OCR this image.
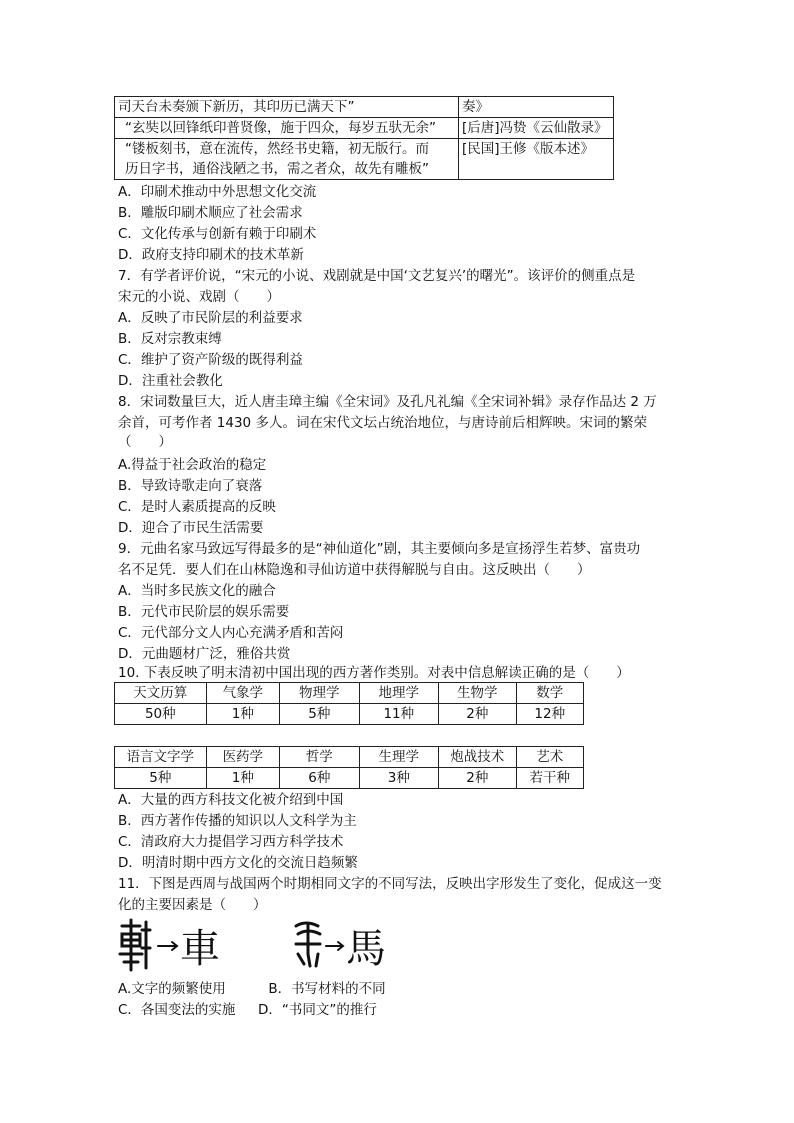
司天台未奏颁下新历，其印历已满天下”	奏》
“玄奘以回锋纸印普贤像，施于四众，每岁五驮无余”	[后唐]冯贽《云仙散录》

“镂板刻书，意在流传，然经书史籍，初无版行。而
历日字书，通俗浅陋之书，需之者众，故先有雕板”	[民国]王修《版本述》
A．印刷术推动中外思想文化交流
B．雕版印刷术顺应了社会需求
C．文化传承与创新有赖于印刷术
D．政府支持印刷术的技术革新
7．有学者评价说，“宋元的小说、戏剧就是中国‘文艺复兴’的曙光”。该评价的侧重点是
宋元的小说、戏剧（　　）
A．反映了市民阶层的利益要求
B．反对宗教束缚
C．维护了资产阶级的既得利益
D．注重社会教化
8．宋词数量巨大，近人唐圭璋主编《全宋词》及孔凡礼编《全宋词补辑》录存作品达 2 万
余首，可考作者 1430 多人。词在宋代文坛占统治地位，与唐诗前后相辉映。宋词的繁荣
（　　）
A.得益于社会政治的稳定
B．导致诗歌走向了衰落
C．是时人素质提高的反映
D．迎合了市民生活需要
9．元曲名家马致远写得最多的是“神仙道化”剧，其主要倾向多是宣扬浮生若梦、富贵功
名不足凭．要人们在山林隐逸和寻仙访道中获得解脱与自由。这反映出（　　）
A．当时多民族文化的融合
B．元代市民阶层的娱乐需要
C．元代部分文人内心充满矛盾和苦闷
D．元曲题材广泛，雅俗共赏
10. 下表反映了明末清初中国出现的西方著作类别。对表中信息解读正确的是（　　）
天文历算	气象学	物理学	地理学	生物学	数学
50种	1种	5种	11种	2种	12种
语言文字学	医药学	哲学	生理学	炮战技术	艺术
5种	1种	6种	3种	2种	若干种
A．大量的西方科技文化被介绍到中国
B．西方著作传播的知识以人文科学为主
C．清政府大力提倡学习西方科学技术
D．明清时期中西方文化的交流日趋频繁
11．下图是西周与战国两个时期相同文字的不同写法，反映出字形发生了变化，促成这一变
化的主要因素是（　　）
車	馬
A.文字的频繁使用	B．书写材料的不同
C．各国变法的实施 D．“书同文”的推行
